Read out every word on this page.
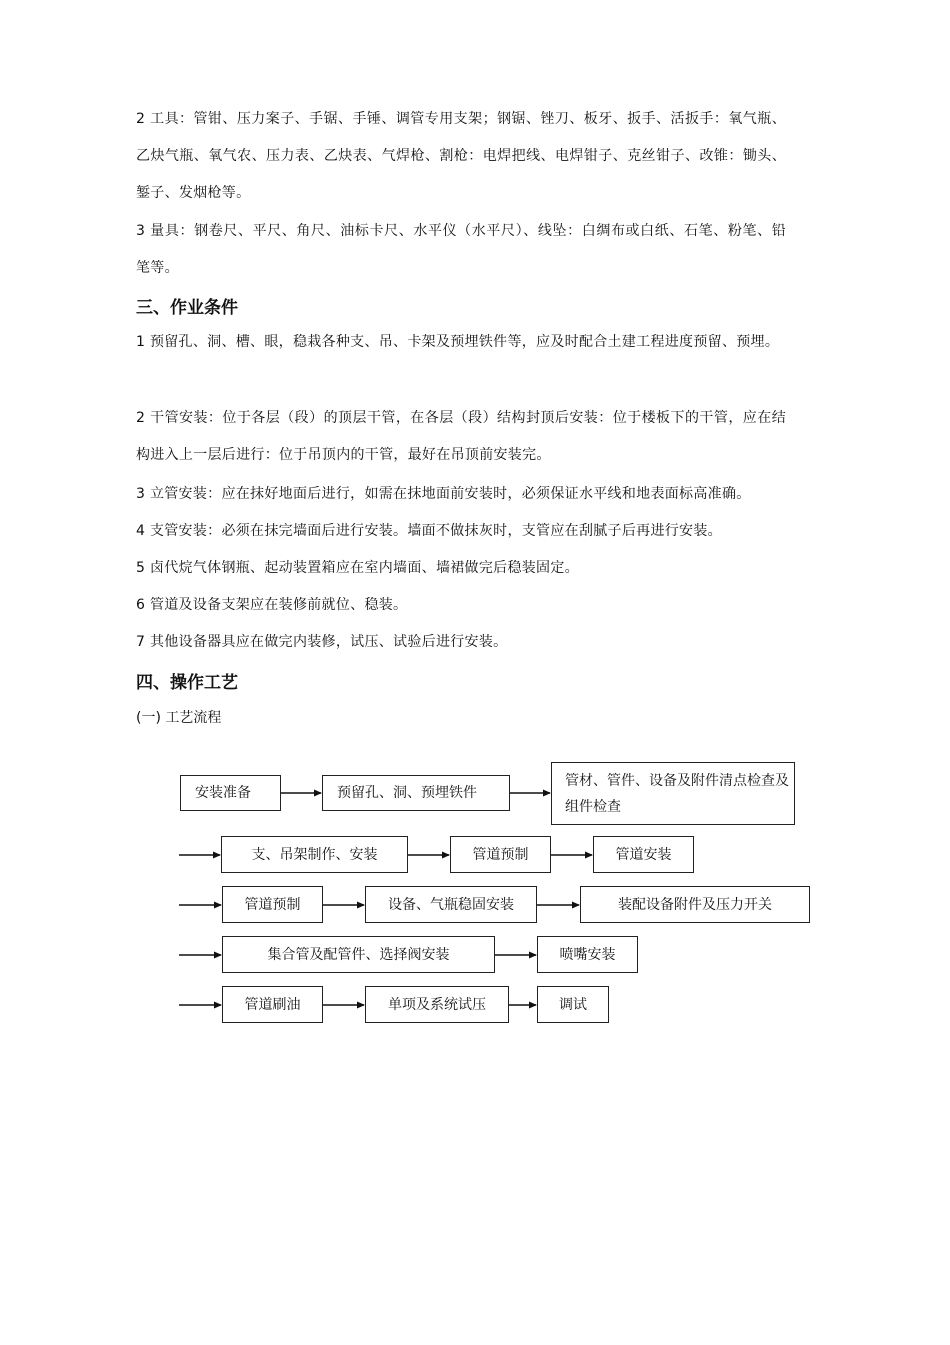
2 工具：管钳、压力案子、手锯、手锤、调管专用支架；钢锯、锉刀、板牙、扳手、活扳手：氧气瓶、乙炔气瓶、氧气农、压力表、乙炔表、气焊枪、割枪：电焊把线、电焊钳子、克丝钳子、改锥：锄头、錾子、发烟枪等。

3 量具：钢卷尺、平尺、角尺、油标卡尺、水平仪（水平尺）、线坠：白绸布或白纸、石笔、粉笔、铅笔等。

三、作业条件

1 预留孔、洞、槽、眼，稳栽各种支、吊、卡架及预埋铁件等，应及时配合土建工程进度预留、预埋。

2 干管安装：位于各层（段）的顶层干管，在各层（段）结构封顶后安装：位于楼板下的干管，应在结构进入上一层后进行：位于吊顶内的干管，最好在吊顶前安装完。

3 立管安装：应在抹好地面后进行，如需在抹地面前安装时，必须保证水平线和地表面标高准确。

4 支管安装：必须在抹完墙面后进行安装。墙面不做抹灰时，支管应在刮腻子后再进行安装。

5 卤代烷气体钢瓶、起动装置箱应在室内墙面、墙裙做完后稳装固定。

6 管道及设备支架应在装修前就位、稳装。

7 其他设备器具应在做完内装修，试压、试验后进行安装。

四、操作工艺

(一) 工艺流程

安装准备	预留孔、洞、预埋铁件
管材、管件、设备及附件清点检查及组件检查
支、吊架制作、安装	管道预制	管道安装
管道预制	设备、气瓶稳固安装	装配设备附件及压力开关
集合管及配管件、选择阀安装	喷嘴安装
管道刷油	单项及系统试压	调试
